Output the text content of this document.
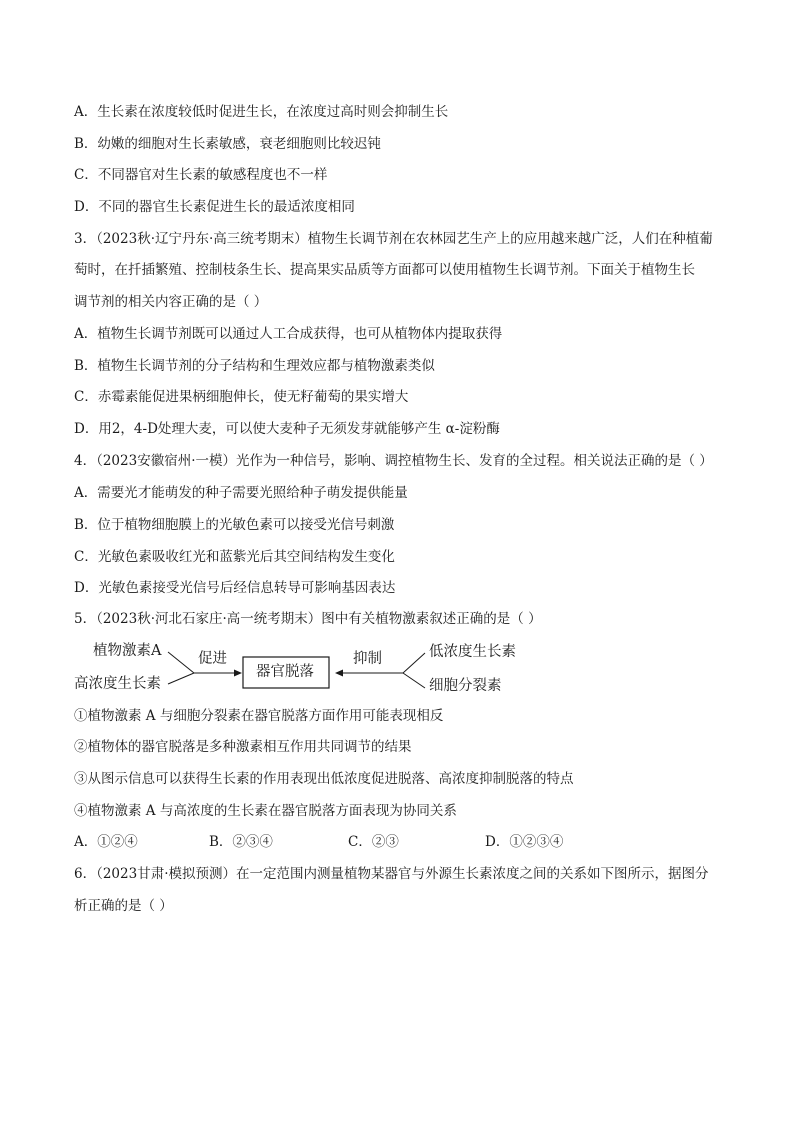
A．生长素在浓度较低时促进生长，在浓度过高时则会抑制生长
B．幼嫩的细胞对生长素敏感，衰老细胞则比较迟钝
C．不同器官对生长素的敏感程度也不一样
D．不同的器官生长素促进生长的最适浓度相同
3．（2023秋·辽宁丹东·高三统考期末）植物生长调节剂在农林园艺生产上的应用越来越广泛，人们在种植葡
萄时，在扦插繁殖、控制枝条生长、提高果实品质等方面都可以使用植物生长调节剂。下面关于植物生长
调节剂的相关内容正确的是（ ）
A．植物生长调节剂既可以通过人工合成获得，也可从植物体内提取获得
B．植物生长调节剂的分子结构和生理效应都与植物激素类似
C．赤霉素能促进果柄细胞伸长，使无籽葡萄的果实增大
D．用2，4-D处理大麦，可以使大麦种子无须发芽就能够产生 α-淀粉酶
4．（2023安徽宿州·一模）光作为一种信号，影响、调控植物生长、发育的全过程。相关说法正确的是（ ）
A．需要光才能萌发的种子需要光照给种子萌发提供能量
B．位于植物细胞膜上的光敏色素可以接受光信号刺激
C．光敏色素吸收红光和蓝紫光后其空间结构发生变化
D．光敏色素接受光信号后经信息转导可影响基因表达
5．（2023秋·河北石家庄·高一统考期末）图中有关植物激素叙述正确的是（ ）
植物激素A
高浓度生长素
促进
器官脱落
抑制	低浓度生长素
细胞分裂素
①植物激素 A 与细胞分裂素在器官脱落方面作用可能表现相反
②植物体的器官脱落是多种激素相互作用共同调节的结果
③从图示信息可以获得生长素的作用表现出低浓度促进脱落、高浓度抑制脱落的特点
④植物激素 A 与高浓度的生长素在器官脱落方面表现为协同关系
A．①②④	B．②③④	C．②③	D．①②③④
6．（2023甘肃·模拟预测）在一定范围内测量植物某器官与外源生长素浓度之间的关系如下图所示，据图分
析正确的是（ ）
